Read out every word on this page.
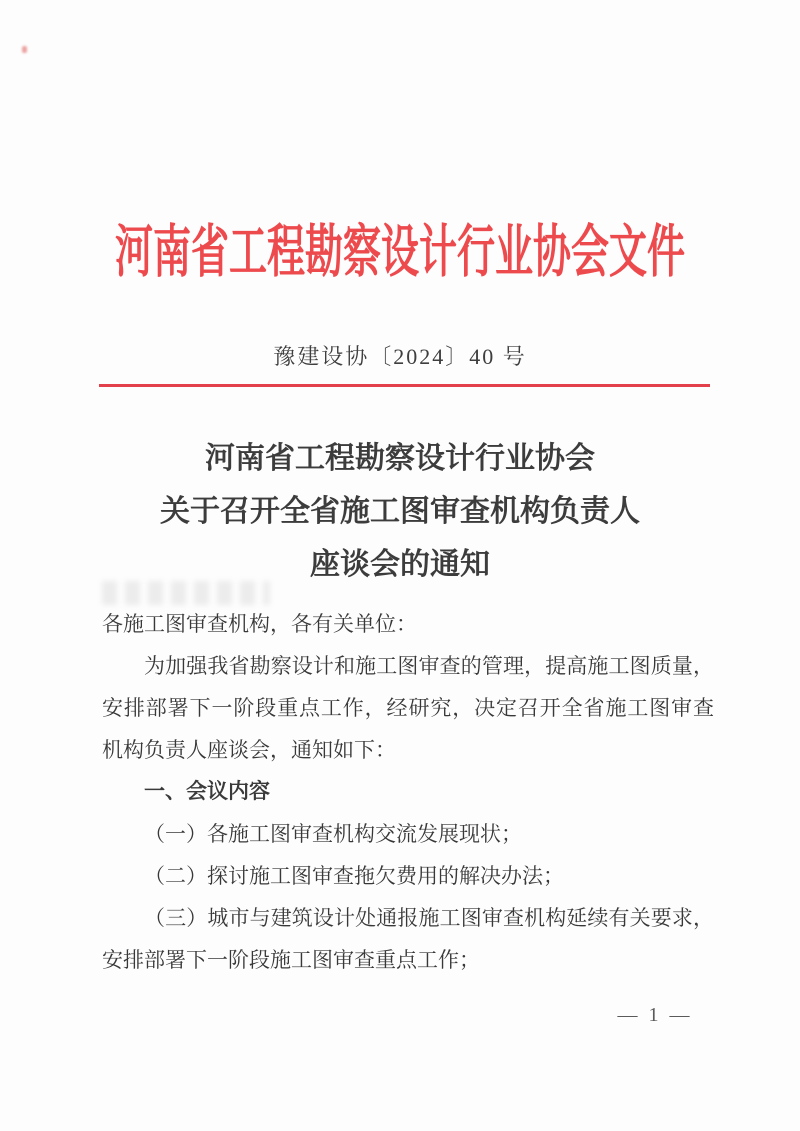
河南省工程勘察设计行业协会文件
豫建设协〔2024〕40 号
河南省工程勘察设计行业协会
关于召开全省施工图审查机构负责人
座谈会的通知
各施工图审查机构，各有关单位：
为加强我省勘察设计和施工图审查的管理，提高施工图质量，
安排部署下一阶段重点工作，经研究，决定召开全省施工图审查
机构负责人座谈会，通知如下：
一、会议内容
（一）各施工图审查机构交流发展现状；
（二）探讨施工图审查拖欠费用的解决办法；
（三）城市与建筑设计处通报施工图审查机构延续有关要求，
安排部署下一阶段施工图审查重点工作；
— 1 —
